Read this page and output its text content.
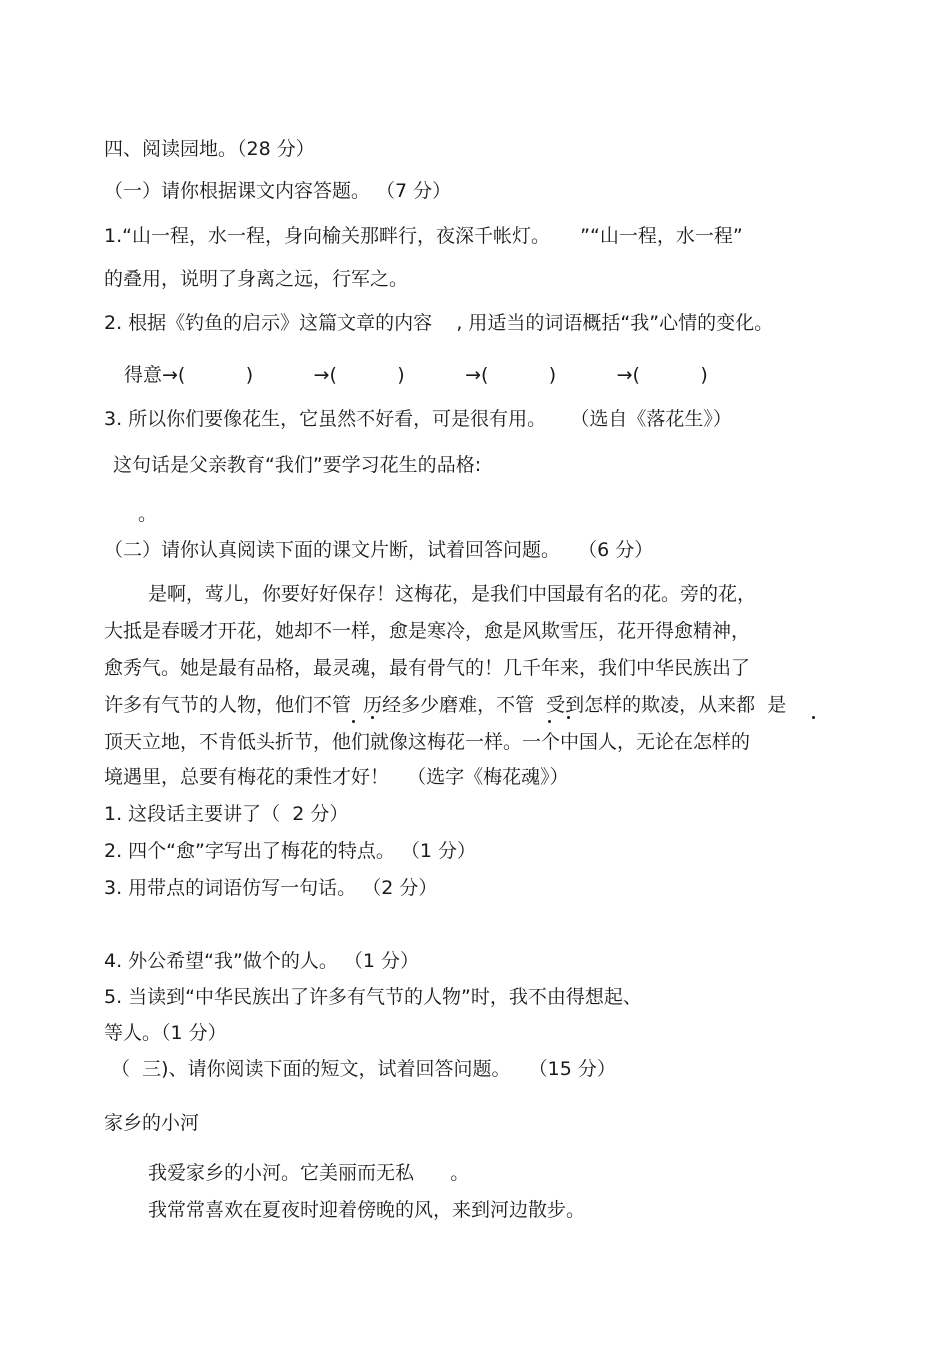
四、阅读园地。（28 分）
（一）请你根据课文内容答题。 （7 分）
1.“山一程，水一程，身向榆关那畔行，夜深千帐灯。     ”“山一程，水一程”
的叠用，说明了身离之远，行军之。
2. 根据《钓鱼的启示》这篇文章的内容    , 用适当的词语概括“我”心情的变化。
得意→(          )          →(          )          →(          )          →(          )
3. 所以你们要像花生，它虽然不好看，可是很有用。    （选自《落花生》）
这句话是父亲教育“我们”要学习花生的品格:
。
（二）请你认真阅读下面的课文片断，试着回答问题。   （6 分）
是啊，莺儿，你要好好保存！这梅花，是我们中国最有名的花。旁的花，
大抵是春暖才开花，她却不一样，愈是寒冷，愈是风欺雪压，花开得愈精神，
愈秀气。她是最有品格，最灵魂，最有骨气的！几千年来，我们中华民族出了
许多有气节的人物，他们不管  历经多少磨难，不管  受到怎样的欺凌，从来都  是
顶天立地，不肯低头折节，他们就像这梅花一样。一个中国人，无论在怎样的
境遇里，总要有梅花的秉性才好！   （选字《梅花魂》）
1. 这段话主要讲了（  2 分）
2. 四个“愈”字写出了梅花的特点。 （1 分）
3. 用带点的词语仿写一句话。 （2 分）
4. 外公希望“我”做个的人。 （1 分）
5. 当读到“中华民族出了许多有气节的人物”时，我不由得想起、
等人。（1 分）
（  三)、请你阅读下面的短文，试着回答问题。   （15 分）
家乡的小河
我爱家乡的小河。它美丽而无私      。
我常常喜欢在夏夜时迎着傍晚的风，来到河边散步。
